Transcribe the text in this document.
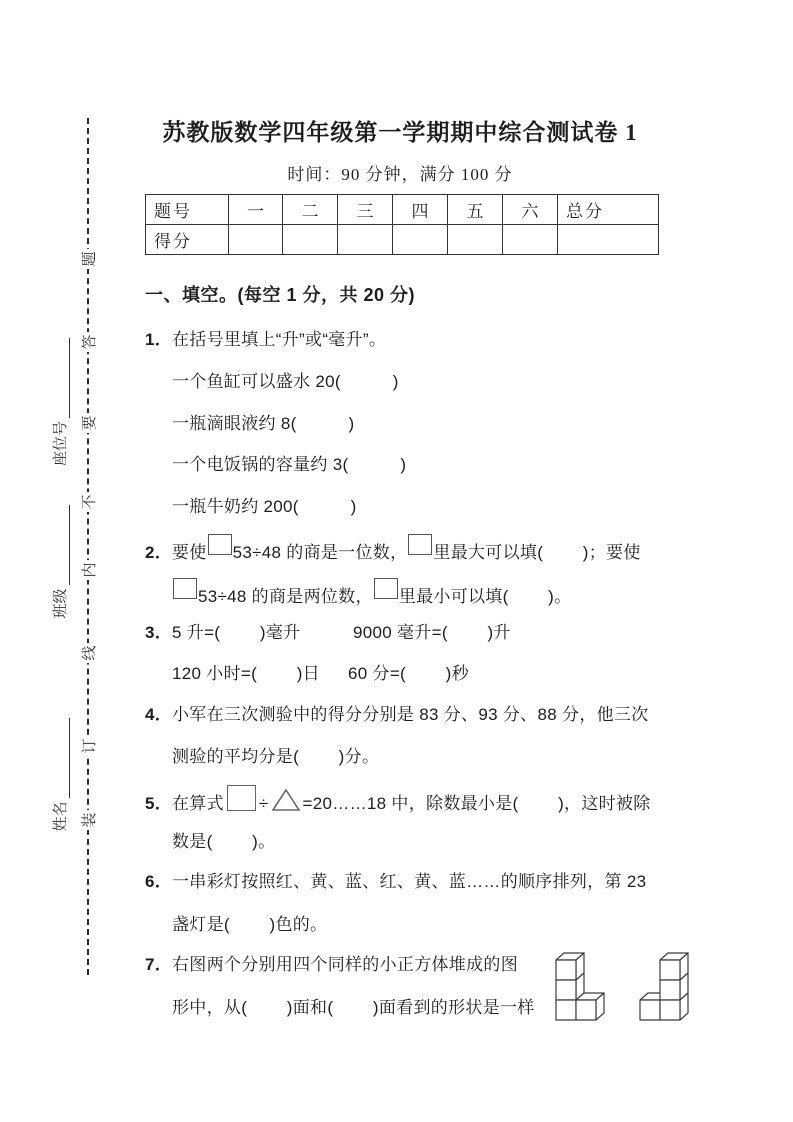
题
答
要
不
内
线
订
装
座位号
班级
姓名
苏教版数学四年级第一学期期中综合测试卷 1
时间：90 分钟，满分 100 分
题号	一	二	三	四	五	六	总分
得分							
一、填空。(每空 1 分，共 20 分)
1．在括号里填上“升”或“毫升”。
一个鱼缸可以盛水 20(　　　)
一瓶滴眼液约 8(　　　)
一个电饭锅的容量约 3(　　　)
一瓶牛奶约 200(　　　)
2．要使 53÷48 的商是一位数， 里最大可以填(　　 )；要使
53÷48 的商是两位数， 里最小可以填(　　 )。
3． 5 升=(　　 )毫升	9000 毫升=(　　 )升
120 小时=(　　 )日 60 分=(　　 )秒
4．小军在三次测验中的得分分别是 83 分、93 分、88 分，他三次
测验的平均分是(　　 )分。
5．在算式 ÷ =20……18 中，除数最小是(　　 )，这时被除
数是(　　 )。
6．一串彩灯按照红、黄、蓝、红、黄、蓝……的顺序排列，第 23
盏灯是(　　 )色的。
7．右图两个分别用四个同样的小正方体堆成的图
形中，从(　　 )面和(　　 )面看到的形状是一样
